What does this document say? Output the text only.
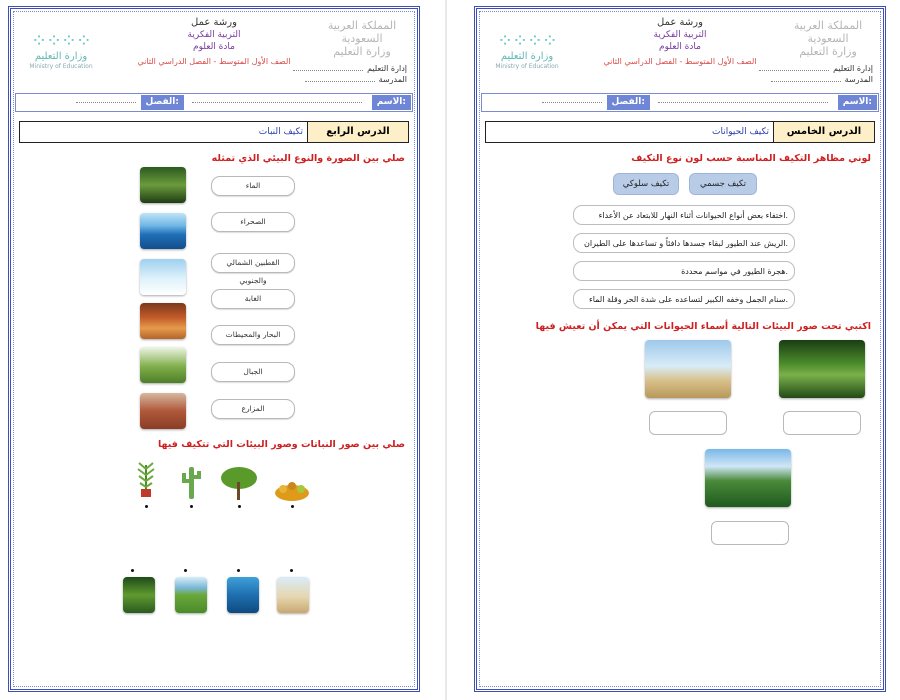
⁘⁘⁘⁘
وزارة التعليم
Ministry of Education
ورشة عمل
التربية الفكرية
مادة العلوم
الصف الأول المتوسط - الفصل الدراسي الثاني
المملكة العربية السعودية
وزارة التعليم
إدارة التعليم
المدرسة
الاسم:
الفصل:
الدرس الرابع
تكيف النبات
صلي بين الصورة والنوع البيئي الذي تمثله
الماء
الصحراء
القطبين الشمالي والجنوبي
الغابة
البحار والمحيطات
الجبال
المزارع
صلي بين صور النباتات وصور البيئات التي تتكيف فيها
⁘⁘⁘⁘
وزارة التعليم
Ministry of Education
ورشة عمل
التربية الفكرية
مادة العلوم
الصف الأول المتوسط - الفصل الدراسي الثاني
المملكة العربية السعودية
وزارة التعليم
إدارة التعليم
المدرسة
الاسم:
الفصل:
الدرس الخامس
تكيف الحيوانات
لوني مظاهر التكيف المناسبة حسب لون نوع التكيف
تكيف جسمي
تكيف سلوكي
اختفاء بعض أنواع الحيوانات أثناء النهار للابتعاد عن الأعداء.
الريش عند الطيور لبقاء جسدها دافئاً و تساعدها على الطيران.
هجرة الطيور في مواسم محددة.
سنام الجمل وخفه الكبير لتساعده على شدة الحر وقلة الماء.
اكتبي تحت صور البيئات التالية أسماء الحيوانات التي يمكن أن تعيش فيها
